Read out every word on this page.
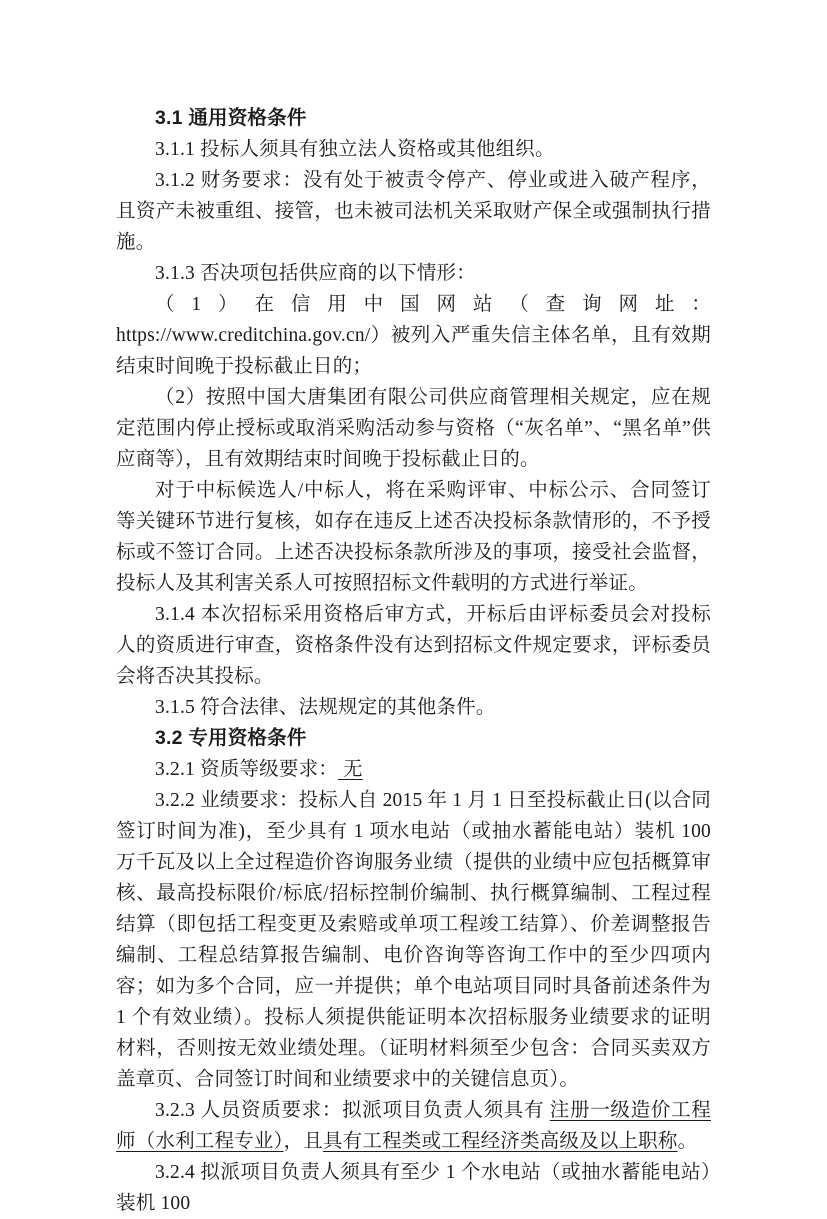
3.1 通用资格条件

3.1.1 投标人须具有独立法人资格或其他组织。

3.1.2 财务要求：没有处于被责令停产、停业或进入破产程序，且资产未被重组、接管，也未被司法机关采取财产保全或强制执行措施。

3.1.3 否决项包括供应商的以下情形：

（1）在信用中国网站（查询网址：https://www.creditchina.gov.cn/）被列入严重失信主体名单，且有效期结束时间晚于投标截止日的；

（2）按照中国大唐集团有限公司供应商管理相关规定，应在规定范围内停止授标或取消采购活动参与资格（“灰名单”、“黑名单”供应商等），且有效期结束时间晚于投标截止日的。

对于中标候选人/中标人，将在采购评审、中标公示、合同签订等关键环节进行复核，如存在违反上述否决投标条款情形的，不予授标或不签订合同。上述否决投标条款所涉及的事项，接受社会监督，投标人及其利害关系人可按照招标文件载明的方式进行举证。

3.1.4 本次招标采用资格后审方式，开标后由评标委员会对投标人的资质进行审查，资格条件没有达到招标文件规定要求，评标委员会将否决其投标。

3.1.5 符合法律、法规规定的其他条件。

3.2 专用资格条件

3.2.1 资质等级要求： 无

3.2.2 业绩要求：投标人自 2015 年 1 月 1 日至投标截止日(以合同签订时间为准)，至少具有 1 项水电站（或抽水蓄能电站）装机 100 万千瓦及以上全过程造价咨询服务业绩（提供的业绩中应包括概算审核、最高投标限价/标底/招标控制价编制、执行概算编制、工程过程结算（即包括工程变更及索赔或单项工程竣工结算）、价差调整报告编制、工程总结算报告编制、电价咨询等咨询工作中的至少四项内容；如为多个合同，应一并提供；单个电站项目同时具备前述条件为 1 个有效业绩）。投标人须提供能证明本次招标服务业绩要求的证明材料，否则按无效业绩处理。（证明材料须至少包含：合同买卖双方盖章页、合同签订时间和业绩要求中的关键信息页）。

3.2.3 人员资质要求：拟派项目负责人须具有 注册一级造价工程师（水利工程专业），且具有工程类或工程经济类高级及以上职称。

3.2.4 拟派项目负责人须具有至少 1 个水电站（或抽水蓄能电站）装机 100
